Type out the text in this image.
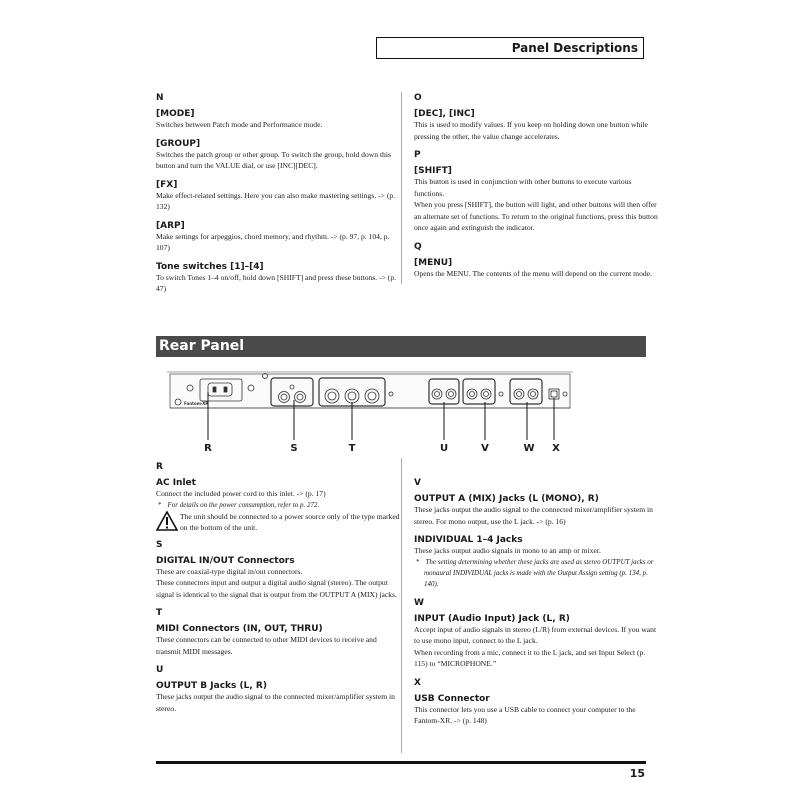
Panel Descriptions

N

[MODE]

Switches between Patch mode and Performance mode.

[GROUP]

Switches the patch group or other group. To switch the group, hold down this button and turn the VALUE dial, or use [INC][DEC].

[FX]

Make effect-related settings. Here you can also make mastering settings. -> (p. 132)

[ARP]

Make settings for arpeggios, chord memory, and rhythm. -> (p. 97, p. 104, p. 107)

Tone switches [1]–[4]

To switch Tones 1–4 on/off, hold down [SHIFT] and press these buttons. -> (p. 47)

O

[DEC], [INC]

This is used to modify values. If you keep on holding down one button while pressing the other, the value change accelerates.

P

[SHIFT]

This button is used in conjunction with other buttons to execute various functions.

When you press [SHIFT], the button will light, and other buttons will then offer an alternate set of functions. To return to the original functions, press this button once again and extinguish the indicator.

Q

[MENU]

Opens the MENU. The contents of the menu will depend on the current mode.

Rear Panel
Fantom-XR
R	S	T	U	V	W X

R

AC Inlet

Connect the included power cord to this inlet. -> (p. 17)

* For details on the power consumption, refer to p. 272.

The unit should be connected to a power source only of the type marked on the bottom of the unit.

S

DIGITAL IN/OUT Connectors

These are coaxial-type digital in/out connectors.

These connectors input and output a digital audio signal (stereo). The output signal is identical to the signal that is output from the OUTPUT A (MIX) jacks.

T

MIDI Connectors (IN, OUT, THRU)

These connectors can be connected to other MIDI devices to receive and transmit MIDI messages.

U

OUTPUT B Jacks (L, R)

These jacks output the audio signal to the connected mixer/amplifier system in stereo.

V

OUTPUT A (MIX) Jacks (L (MONO), R)

These jacks output the audio signal to the connected mixer/amplifier system in stereo. For mono output, use the L jack. -> (p. 16)

INDIVIDUAL 1–4 Jacks

These jacks output audio signals in mono to an amp or mixer.

* The setting determining whether these jacks are used as stereo OUTPUT jacks or monaural INDIVIDUAL jacks is made with the Output Assign setting (p. 134, p. 140).

W

INPUT (Audio Input) Jack (L, R)

Accept input of audio signals in stereo (L/R) from external devices. If you want to use mono input, connect to the L jack.

When recording from a mic, connect it to the L jack, and set Input Select (p. 115) to “MICROPHONE.”

X

USB Connector

This connector lets you use a USB cable to connect your computer to the Fantom-XR. -> (p. 148)

15
